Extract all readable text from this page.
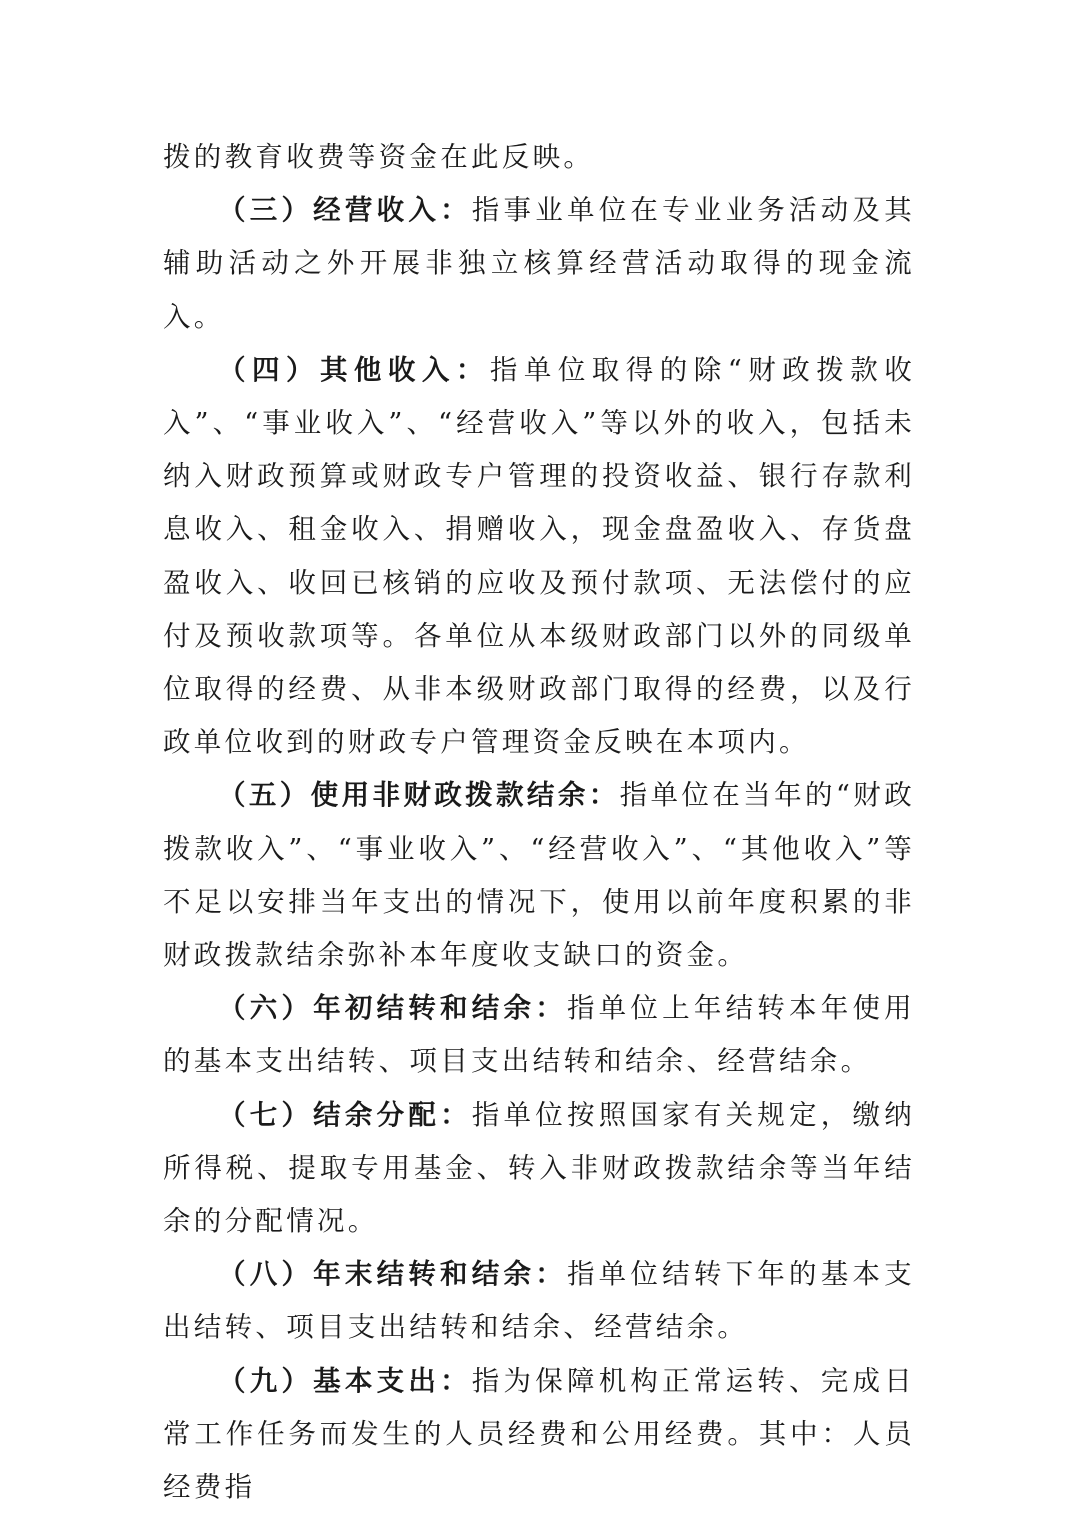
拨的教育收费等资金在此反映。

（三）经营收入：指事业单位在专业业务活动及其辅助活动之外开展非独立核算经营活动取得的现金流入。

（四）其他收入：指单位取得的除“财政拨款收入”、“事业收入”、“经营收入”等以外的收入，包括未纳入财政预算或财政专户管理的投资收益、银行存款利息收入、租金收入、捐赠收入，现金盘盈收入、存货盘盈收入、收回已核销的应收及预付款项、无法偿付的应付及预收款项等。各单位从本级财政部门以外的同级单位取得的经费、从非本级财政部门取得的经费，以及行政单位收到的财政专户管理资金反映在本项内。

（五）使用非财政拨款结余：指单位在当年的“财政拨款收入”、“事业收入”、“经营收入”、“其他收入”等不足以安排当年支出的情况下，使用以前年度积累的非财政拨款结余弥补本年度收支缺口的资金。

（六）年初结转和结余：指单位上年结转本年使用的基本支出结转、项目支出结转和结余、经营结余。

（七）结余分配：指单位按照国家有关规定，缴纳所得税、提取专用基金、转入非财政拨款结余等当年结余的分配情况。

（八）年末结转和结余：指单位结转下年的基本支出结转、项目支出结转和结余、经营结余。

（九）基本支出：指为保障机构正常运转、完成日常工作任务而发生的人员经费和公用经费。其中：人员经费指
